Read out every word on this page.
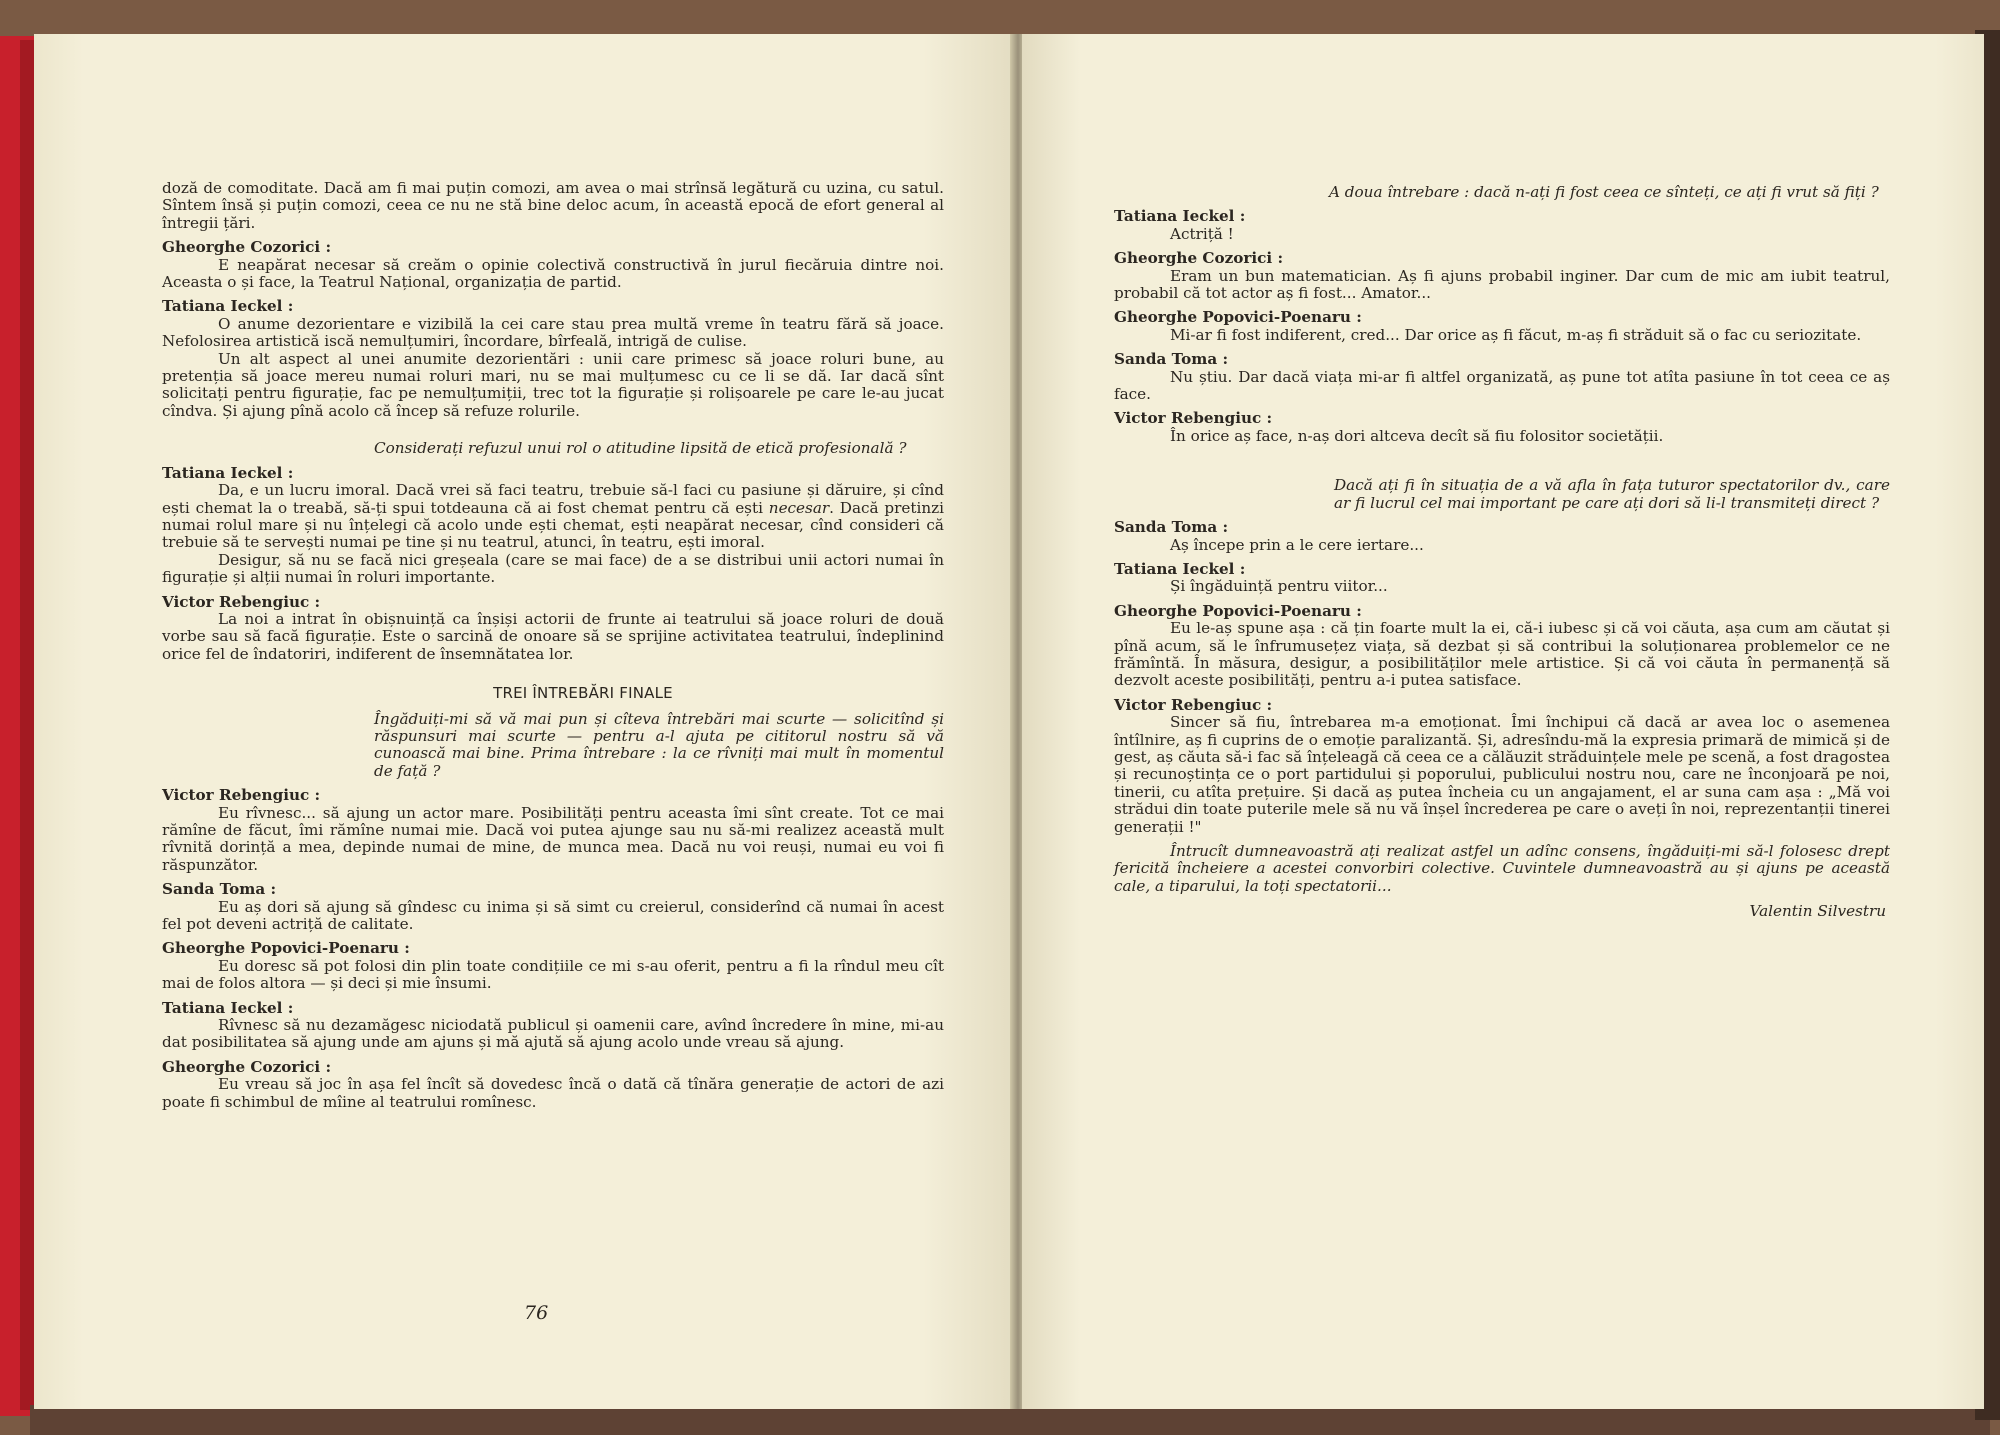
doză de comoditate. Dacă am fi mai puțin comozi, am avea o mai strînsă legătură cu uzina, cu satul. Sîntem însă și puțin comozi, ceea ce nu ne stă bine deloc acum, în această epocă de efort general al întregii țări.

Gheorghe Cozorici :

E neapărat necesar să creăm o opinie colectivă constructivă în jurul fiecăruia dintre noi. Aceasta o și face, la Teatrul Național, organizația de partid.

Tatiana Ieckel :

O anume dezorientare e vizibilă la cei care stau prea multă vreme în teatru fără să joace. Nefolosirea artistică iscă nemulțumiri, încordare, bîrfeală, intrigă de culise.

Un alt aspect al unei anumite dezorientări : unii care primesc să joace roluri bune, au pretenția să joace mereu numai roluri mari, nu se mai mulțumesc cu ce li se dă. Iar dacă sînt solicitați pentru figurație, fac pe nemulțumiții, trec tot la figurație și rolișoarele pe care le-au jucat cîndva. Și ajung pînă acolo că încep să refuze rolurile.

Considerați refuzul unui rol o atitudine lipsită de etică profesională ?

Tatiana Ieckel :

Da, e un lucru imoral. Dacă vrei să faci teatru, trebuie să-l faci cu pasiune și dăruire, și cînd ești chemat la o treabă, să-ți spui totdeauna că ai fost chemat pentru că ești necesar. Dacă pretinzi numai rolul mare și nu înțelegi că acolo unde ești chemat, ești neapărat necesar, cînd consideri că trebuie să te servești numai pe tine și nu teatrul, atunci, în teatru, ești imoral.

Desigur, să nu se facă nici greșeala (care se mai face) de a se distribui unii actori numai în figurație și alții numai în roluri importante.

Victor Rebengiuc :

La noi a intrat în obișnuință ca înșiși actorii de frunte ai teatrului să joace roluri de două vorbe sau să facă figurație. Este o sarcină de onoare să se sprijine activitatea teatrului, îndeplinind orice fel de îndatoriri, indiferent de însemnătatea lor.

TREI ÎNTREBĂRI FINALE

Îngăduiți-mi să vă mai pun și cîteva întrebări mai scurte — solicitînd și răspunsuri mai scurte — pentru a-l ajuta pe cititorul nostru să vă cunoască mai bine. Prima întrebare : la ce rîvniți mai mult în momentul de față ?

Victor Rebengiuc :

Eu rîvnesc... să ajung un actor mare. Posibilități pentru aceasta îmi sînt create. Tot ce mai rămîne de făcut, îmi rămîne numai mie. Dacă voi putea ajunge sau nu să-mi realizez această mult rîvnită dorință a mea, depinde numai de mine, de munca mea. Dacă nu voi reuși, numai eu voi fi răspunzător.

Sanda Toma :

Eu aș dori să ajung să gîndesc cu inima și să simt cu creierul, considerînd că numai în acest fel pot deveni actriță de calitate.

Gheorghe Popovici-Poenaru :

Eu doresc să pot folosi din plin toate condițiile ce mi s-au oferit, pentru a fi la rîndul meu cît mai de folos altora — și deci și mie însumi.

Tatiana Ieckel :

Rîvnesc să nu dezamăgesc niciodată publicul și oamenii care, avînd încredere în mine, mi-au dat posibilitatea să ajung unde am ajuns și mă ajută să ajung acolo unde vreau să ajung.

Gheorghe Cozorici :

Eu vreau să joc în așa fel încît să dovedesc încă o dată că tînăra generație de actori de azi poate fi schimbul de mîine al teatrului romînesc.

76

A doua întrebare : dacă n-ați fi fost ceea ce sînteți, ce ați fi vrut să fiți ?

Tatiana Ieckel :

Actriță !

Gheorghe Cozorici :

Eram un bun matematician. Aș fi ajuns probabil inginer. Dar cum de mic am iubit teatrul, probabil că tot actor aș fi fost... Amator...

Gheorghe Popovici-Poenaru :

Mi-ar fi fost indiferent, cred... Dar orice aș fi făcut, m-aș fi străduit să o fac cu seriozitate.

Sanda Toma :

Nu știu. Dar dacă viața mi-ar fi altfel organizată, aș pune tot atîta pasiune în tot ceea ce aș face.

Victor Rebengiuc :

În orice aș face, n-aș dori altceva decît să fiu folositor societății.

Dacă ați fi în situația de a vă afla în fața tuturor spectatorilor dv., care ar fi lucrul cel mai important pe care ați dori să li-l transmiteți direct ?

Sanda Toma :

Aș începe prin a le cere iertare...

Tatiana Ieckel :

Și îngăduință pentru viitor...

Gheorghe Popovici-Poenaru :

Eu le-aș spune așa : că țin foarte mult la ei, că-i iubesc și că voi căuta, așa cum am căutat și pînă acum, să le înfrumusețez viața, să dezbat și să contribui la soluționarea problemelor ce ne frămîntă. În măsura, desigur, a posibilităților mele artistice. Și că voi căuta în permanență să dezvolt aceste posibilități, pentru a-i putea satisface.

Victor Rebengiuc :

Sincer să fiu, întrebarea m-a emoționat. Îmi închipui că dacă ar avea loc o asemenea întîlnire, aș fi cuprins de o emoție paralizantă. Și, adresîndu-mă la expresia primară de mimică și de gest, aș căuta să-i fac să înțeleagă că ceea ce a călăuzit străduințele mele pe scenă, a fost dragostea și recunoștința ce o port partidului și poporului, publicului nostru nou, care ne înconjoară pe noi, tinerii, cu atîta prețuire. Și dacă aș putea încheia cu un angajament, el ar suna cam așa : „Mă voi strădui din toate puterile mele să nu vă înșel încrederea pe care o aveți în noi, reprezentanții tinerei generații !"

Întrucît dumneavoastră ați realizat astfel un adînc consens, îngăduiți-mi să-l folosesc drept fericită încheiere a acestei convorbiri colective. Cuvintele dumneavoastră au și ajuns pe această cale, a tiparului, la toți spectatorii...

Valentin Silvestru
